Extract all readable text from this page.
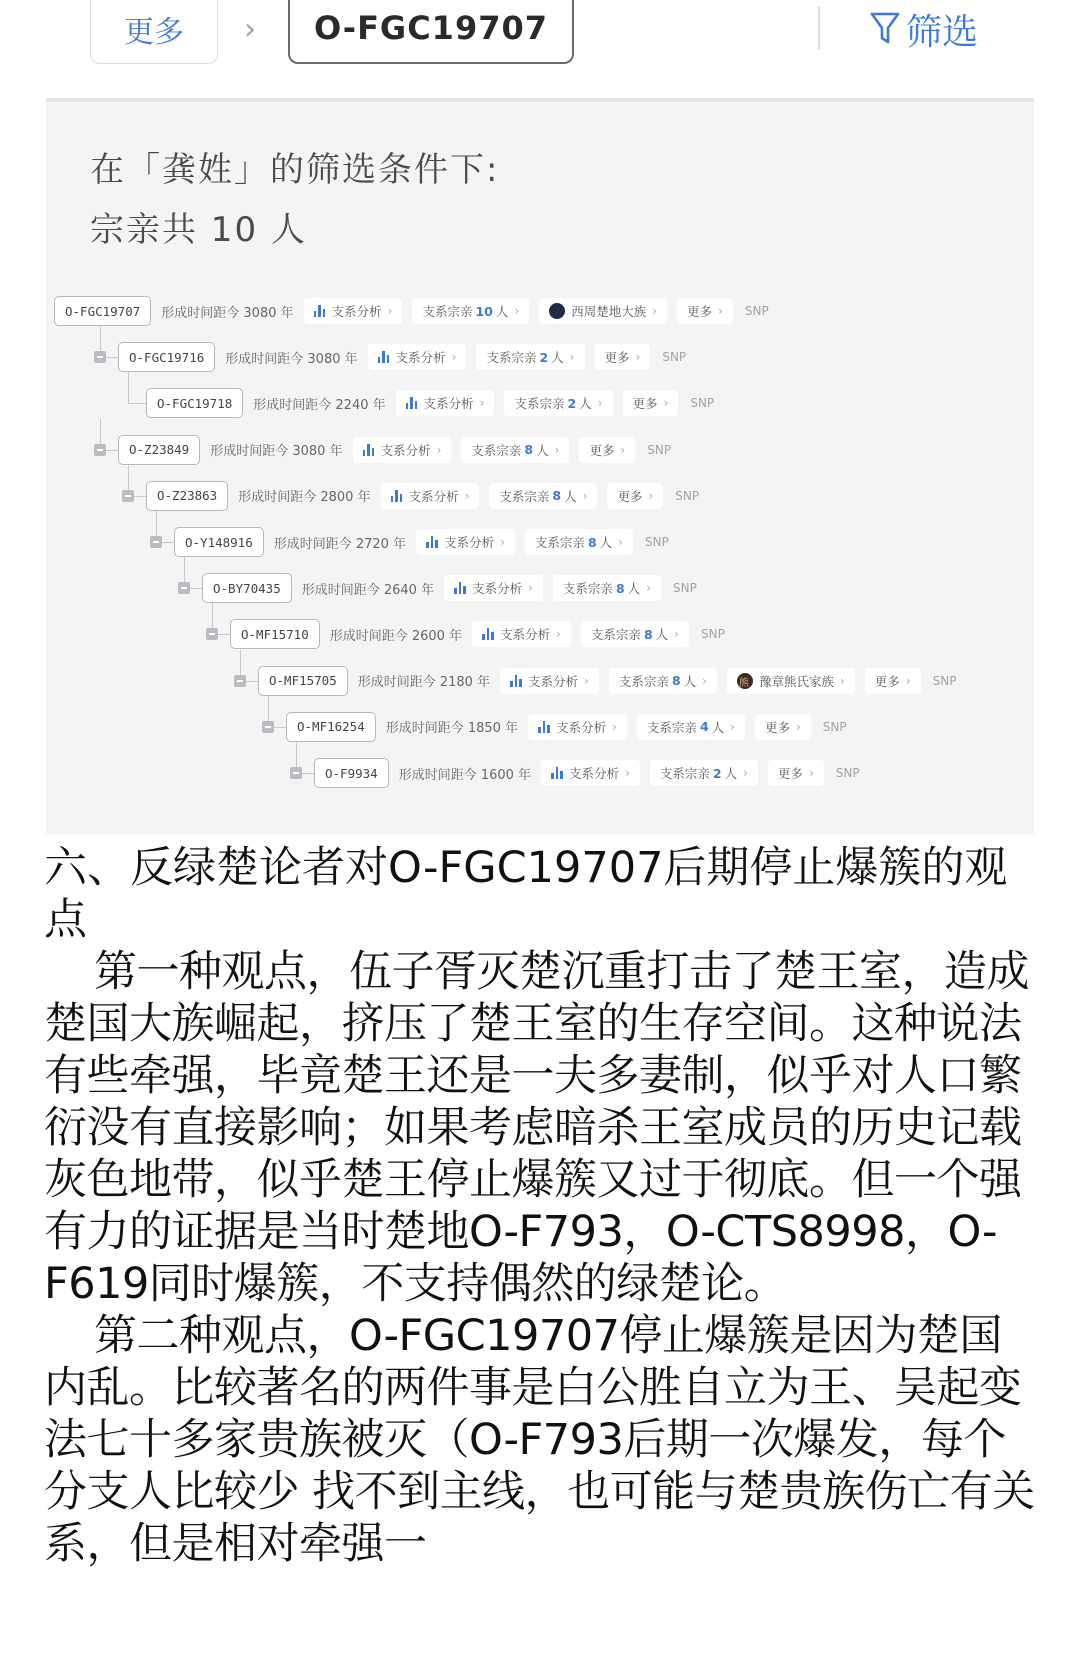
更多	›	O-FGC19707	筛选
在「龚姓」的筛选条件下:
宗亲共 10 人
O-FGC19707	形成时间距今 3080 年	支系分析 › 支系宗亲 10 人 ›	西周楚地大族 › 更多 › SNP
O-FGC19716	形成时间距今 3080 年	支系分析 › 支系宗亲 2 人 › 更多 › SNP
O-FGC19718	形成时间距今 2240 年	支系分析 › 支系宗亲 2 人 › 更多 › SNP
O-Z23849	形成时间距今 3080 年	支系分析 › 支系宗亲 8 人 › 更多 › SNP
O-Z23863	形成时间距今 2800 年	支系分析 › 支系宗亲 8 人 › 更多 › SNP
O-Y148916	形成时间距今 2720 年	支系分析 › 支系宗亲 8 人 › SNP
O-BY70435	形成时间距今 2640 年	支系分析 › 支系宗亲 8 人 › SNP
O-MF15710	形成时间距今 2600 年	支系分析 › 支系宗亲 8 人 › SNP
O-MF15705	形成时间距今 2180 年	支系分析 › 支系宗亲 8 人 ›
熊	豫章熊氏家族 › 更多 › SNP
O-MF16254	形成时间距今 1850 年	支系分析 › 支系宗亲 4 人 › 更多 › SNP
O-F9934	形成时间距今 1600 年	支系分析 › 支系宗亲 2 人 › 更多 › SNP
六、反绿楚论者对O-FGC19707后期停止爆簇的观点

第一种观点，伍子胥灭楚沉重打击了楚王室，造成楚国大族崛起，挤压了楚王室的生存空间。这种说法有些牵强，毕竟楚王还是一夫多妻制，似乎对人口繁衍没有直接影响；如果考虑暗杀王室成员的历史记载灰色地带，似乎楚王停止爆簇又过于彻底。但一个强有力的证据是当时楚地O-F793，O-CTS8998，O-F619同时爆簇，不支持偶然的绿楚论。

第二种观点，O-FGC19707停止爆簇是因为楚国内乱。比较著名的两件事是白公胜自立为王、吴起变法七十多家贵族被灭（O-F793后期一次爆发，每个分支人比较少 找不到主线，也可能与楚贵族伤亡有关系，但是相对牵强一
